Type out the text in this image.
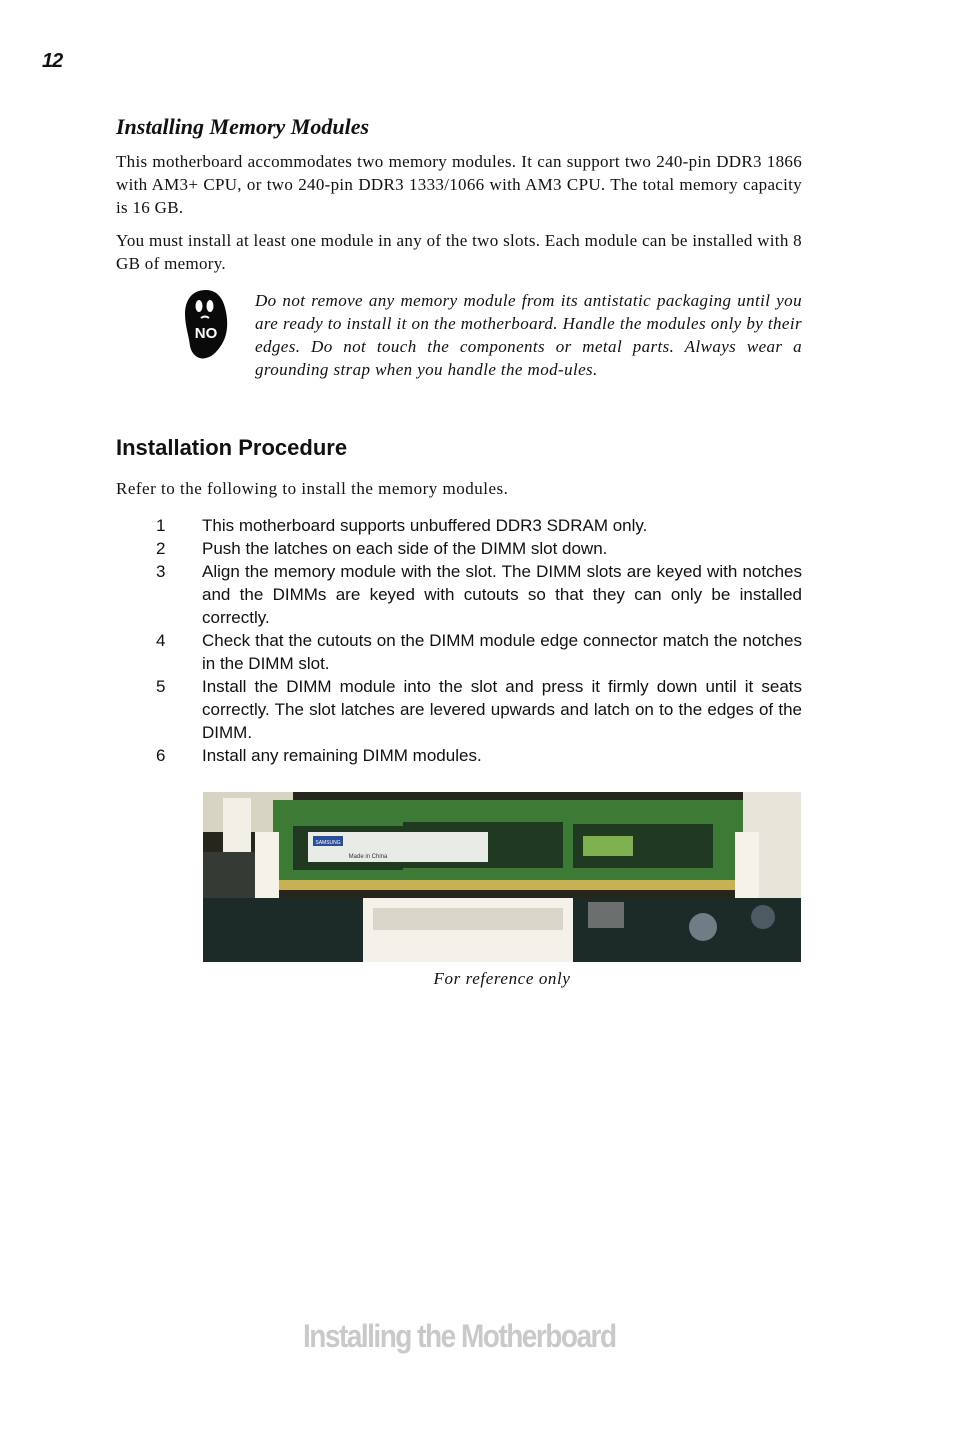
12
Installing Memory Modules

This motherboard accommodates two memory modules. It can support two 240-pin DDR3 1866 with AM3+ CPU, or two 240-pin DDR3 1333/1066 with AM3 CPU. The total memory capacity is 16 GB.

You must install at least one module in any of the two slots. Each module can be installed with 8 GB of memory.

NO

Do not remove any memory module from its antistatic packaging until you are ready to install it on the motherboard. Handle the modules only by their edges. Do not touch the components or metal parts. Always wear a grounding strap when you handle the mod-ules.

Installation Procedure

Refer to the following to install the memory modules.

1	This motherboard supports unbuffered DDR3 SDRAM only.
2	Push the latches on each side of the DIMM slot down.
3	Align the memory module with the slot. The DIMM slots are keyed with notches and the DIMMs are keyed with cutouts so that they can only be installed correctly.
4	Check that the cutouts on the DIMM module edge connector match the notches in the DIMM slot.
5	Install the DIMM module into the slot and press it firmly down until it seats correctly. The slot latches are levered upwards and latch on to the edges of the DIMM.
6	Install any remaining DIMM modules.
SAMSUNG
Made in China
For reference only
Installing the Motherboard
